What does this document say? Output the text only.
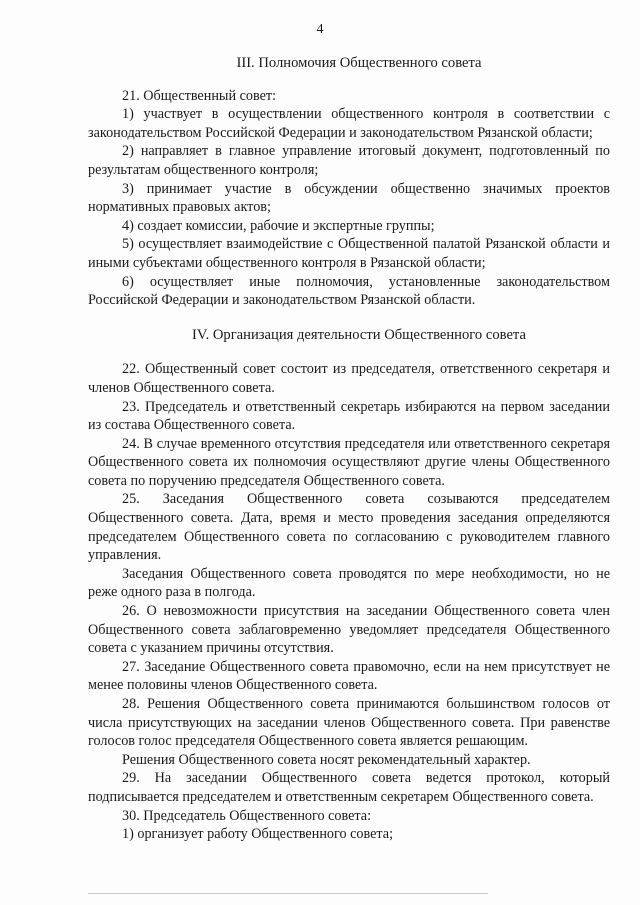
4
III. Полномочия Общественного совета

21. Общественный совет:

1) участвует в осуществлении общественного контроля в соответствии с законодательством Российской Федерации и законодательством Рязанской области;

2) направляет в главное управление итоговый документ, подготовленный по результатам общественного контроля;

3) принимает участие в обсуждении общественно значимых проектов нормативных правовых актов;

4) создает комиссии, рабочие и экспертные группы;

5) осуществляет взаимодействие с Общественной палатой Рязанской области и иными субъектами общественного контроля в Рязанской области;

6) осуществляет иные полномочия, установленные законодательством Российской Федерации и законодательством Рязанской области.

IV. Организация деятельности Общественного совета

22. Общественный совет состоит из председателя, ответственного секретаря и членов Общественного совета.

23. Председатель и ответственный секретарь избираются на первом заседании из состава Общественного совета.

24. В случае временного отсутствия председателя или ответственного секретаря Общественного совета их полномочия осуществляют другие члены Общественного совета по поручению председателя Общественного совета.

25. Заседания Общественного совета созываются председателем Общественного совета. Дата, время и место проведения заседания определяются председателем Общественного совета по согласованию с руководителем главного управления.

Заседания Общественного совета проводятся по мере необходимости, но не реже одного раза в полгода.

26. О невозможности присутствия на заседании Общественного совета член Общественного совета заблаговременно уведомляет председателя Общественного совета с указанием причины отсутствия.

27. Заседание Общественного совета правомочно, если на нем присутствует не менее половины членов Общественного совета.

28. Решения Общественного совета принимаются большинством голосов от числа присутствующих на заседании членов Общественного совета. При равенстве голосов голос председателя Общественного совета является решающим.

Решения Общественного совета носят рекомендательный характер.

29. На заседании Общественного совета ведется протокол, который подписывается председателем и ответственным секретарем Общественного совета.

30. Председатель Общественного совета:

1) организует работу Общественного совета;
